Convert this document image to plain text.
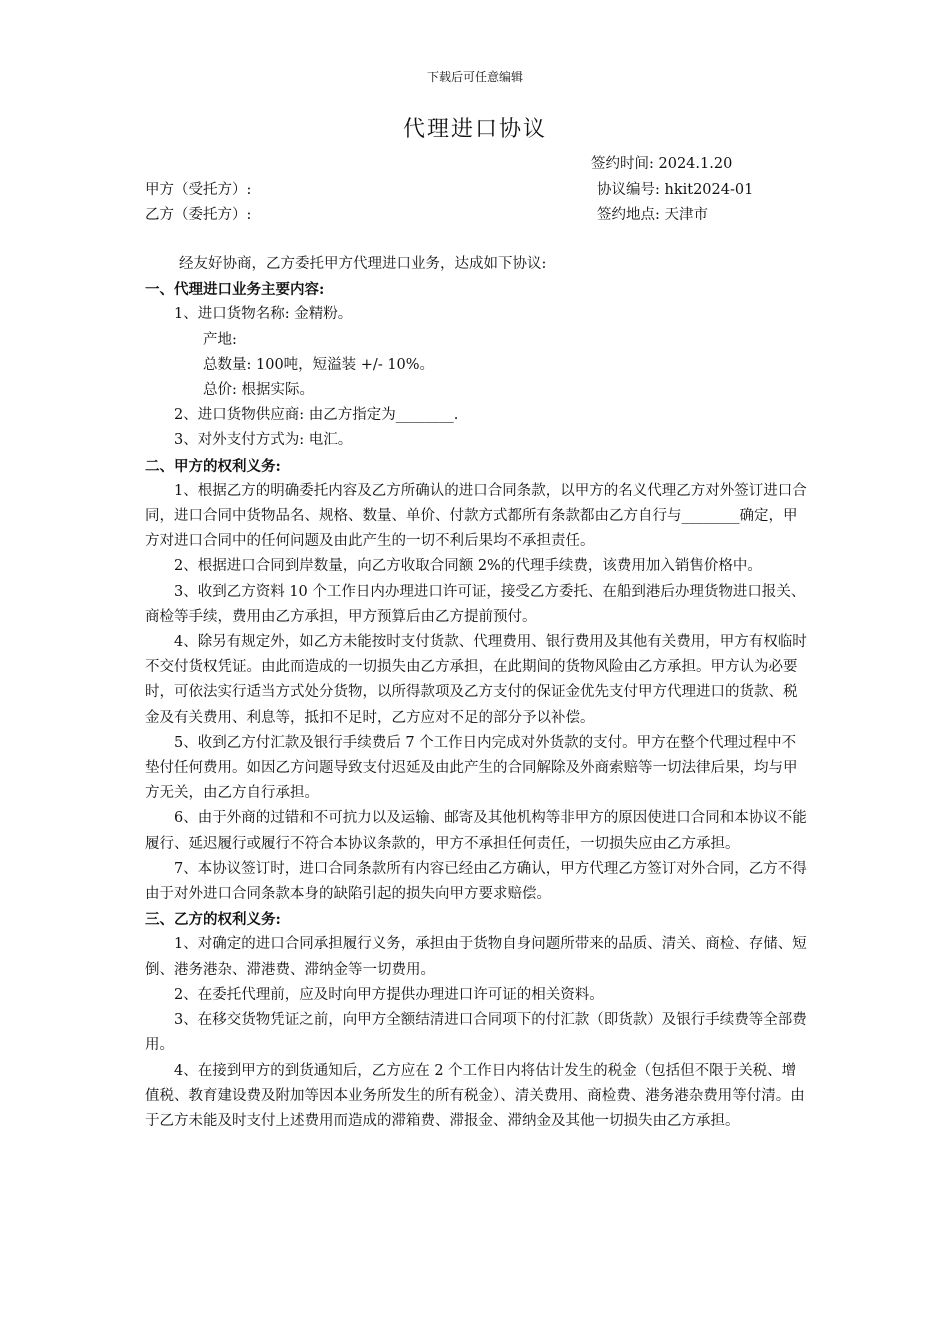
下载后可任意编辑
代理进口协议
签约时间: 2024.1.20
甲方（受托方）:	协议编号: hkit2024-01
乙方（委托方）:	签约地点: 天津市

经友好协商，乙方委托甲方代理进口业务，达成如下协议:

一、代理进口业务主要内容:

1、进口货物名称: 金精粉。

产地:

总数量: 100吨，短溢装 +/- 10%。

总价: 根据实际。

2、进口货物供应商: 由乙方指定为________.

3、对外支付方式为: 电汇。

二、甲方的权利义务:

1、根据乙方的明确委托内容及乙方所确认的进口合同条款，以甲方的名义代理乙方对外签订进口合同，进口合同中货物品名、规格、数量、单价、付款方式都所有条款都由乙方自行与________确定，甲方对进口合同中的任何问题及由此产生的一切不利后果均不承担责任。

2、根据进口合同到岸数量，向乙方收取合同额 2%的代理手续费，该费用加入销售价格中。

3、收到乙方资料 10 个工作日内办理进口许可证，接受乙方委托、在船到港后办理货物进口报关、商检等手续，费用由乙方承担，甲方预算后由乙方提前预付。

4、除另有规定外，如乙方未能按时支付货款、代理费用、银行费用及其他有关费用，甲方有权临时不交付货权凭证。由此而造成的一切损失由乙方承担，在此期间的货物风险由乙方承担。甲方认为必要时，可依法实行适当方式处分货物，以所得款项及乙方支付的保证金优先支付甲方代理进口的货款、税金及有关费用、利息等，抵扣不足时，乙方应对不足的部分予以补偿。

5、收到乙方付汇款及银行手续费后 7 个工作日内完成对外货款的支付。甲方在整个代理过程中不垫付任何费用。如因乙方问题导致支付迟延及由此产生的合同解除及外商索赔等一切法律后果，均与甲方无关，由乙方自行承担。

6、由于外商的过错和不可抗力以及运输、邮寄及其他机构等非甲方的原因使进口合同和本协议不能履行、延迟履行或履行不符合本协议条款的，甲方不承担任何责任，一切损失应由乙方承担。

7、本协议签订时，进口合同条款所有内容已经由乙方确认，甲方代理乙方签订对外合同，乙方不得由于对外进口合同条款本身的缺陷引起的损失向甲方要求赔偿。

三、乙方的权利义务:

1、对确定的进口合同承担履行义务，承担由于货物自身问题所带来的品质、清关、商检、存储、短倒、港务港杂、滞港费、滞纳金等一切费用。

2、在委托代理前，应及时向甲方提供办理进口许可证的相关资料。

3、在移交货物凭证之前，向甲方全额结清进口合同项下的付汇款（即货款）及银行手续费等全部费用。

4、在接到甲方的到货通知后，乙方应在 2 个工作日内将估计发生的税金（包括但不限于关税、增值税、教育建设费及附加等因本业务所发生的所有税金）、清关费用、商检费、港务港杂费用等付清。由于乙方未能及时支付上述费用而造成的滞箱费、滞报金、滞纳金及其他一切损失由乙方承担。
